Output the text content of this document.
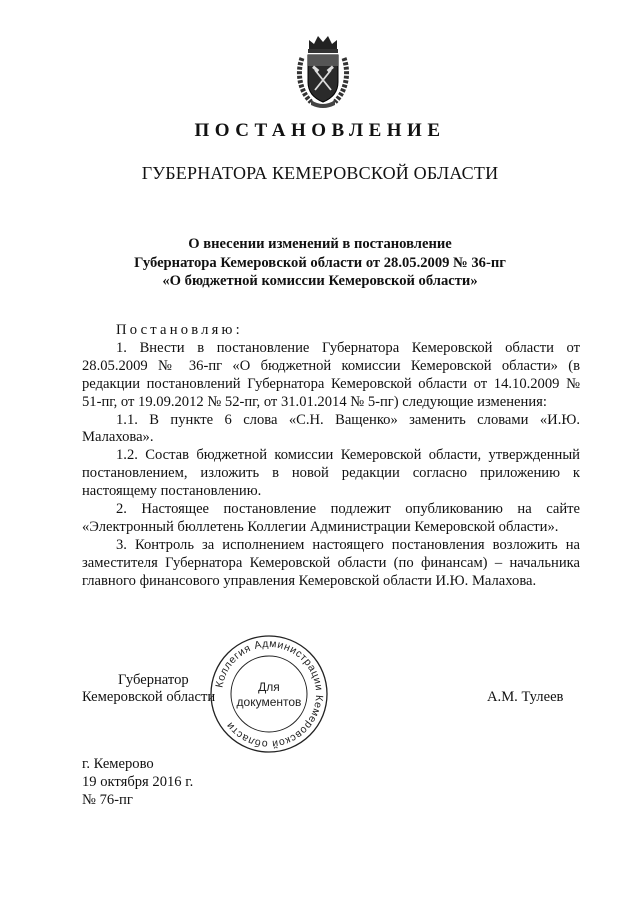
ПОСТАНОВЛЕНИЕ
ГУБЕРНАТОРА КЕМЕРОВСКОЙ ОБЛАСТИ
О внесении изменений в постановление
Губернатора Кемеровской области от 28.05.2009 № 36-пг
«О бюджетной комиссии Кемеровской области»

Постановляю:

1. Внести в постановление Губернатора Кемеровской области от 28.05.2009 № 36-пг «О бюджетной комиссии Кемеровской области» (в редакции постановлений Губернатора Кемеровской области от 14.10.2009 № 51-пг, от 19.09.2012 № 52-пг, от 31.01.2014 № 5-пг) следующие изменения:

1.1. В пункте 6 слова «С.Н. Ващенко» заменить словами «И.Ю. Малахова».

1.2. Состав бюджетной комиссии Кемеровской области, утвержденный постановлением, изложить в новой редакции согласно приложению к настоящему постановлению.

2. Настоящее постановление подлежит опубликованию на сайте «Электронный бюллетень Коллегии Администрации Кемеровской области».

3. Контроль за исполнением настоящего постановления возложить на заместителя Губернатора Кемеровской области (по финансам) – начальника главного финансового управления Кемеровской области И.Ю. Малахова.

Губернатор
Кемеровской области	А.М. Тулеев
Коллегия Администрации Кемеровской области
Для
документов
г. Кемерово
19 октября 2016 г.
№ 76-пг
